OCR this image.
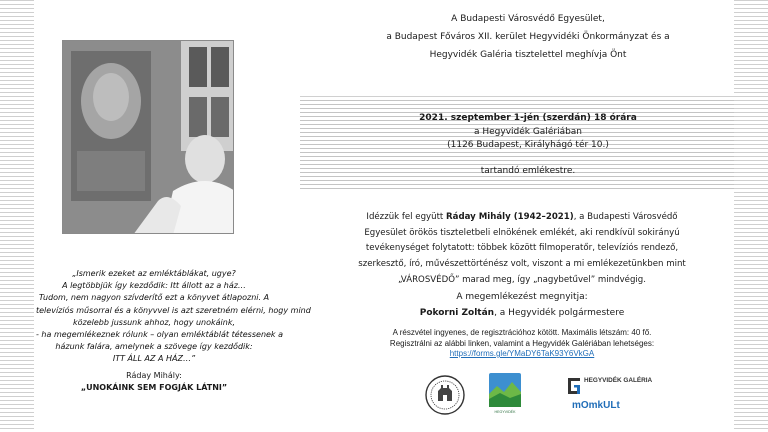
„Ismerik ezeket az emléktáblákat, ugye?

A legtöbbjük így kezdődik: Itt állott az a ház…

Tudom, nem nagyon szívderítő ezt a könyvet átlapozni. A

televíziós műsorral és a könyvvel is azt szeretném elérni, hogy mind

közelebb jussunk ahhoz, hogy unokáink,

- ha megemlékeznek rólunk – olyan emléktáblát tétessenek a

házunk falára, amelynek a szövege így kezdődik:

ITT ÁLL AZ A HÁZ…”

Ráday Mihály:
„UNOKÁINK SEM FOGJÁK LÁTNI”
A Budapesti Városvédő Egyesület,
a Budapest Főváros XII. kerület Hegyvidéki Önkormányzat és a
Hegyvidék Galéria tisztelettel meghívja Önt
2021. szeptember 1-jén (szerdán) 18 órára
a Hegyvidék Galériában
(1126 Budapest, Királyhágó tér 10.)
tartandó emlékestre.

Idézzük fel együtt Ráday Mihály (1942–2021), a Budapesti Városvédő

Egyesület örökös tiszteletbeli elnökének emlékét, aki rendkívül sokirányú

tevékenységet folytatott: többek között filmoperatőr, televíziós rendező,

szerkesztő, író, művészettörténész volt, viszont a mi emlékezetünkben mint

„VÁROSVÉDŐ” marad meg, így „nagybetűvel” mindvégig.

A megemlékezést megnyitja:
Pokorni Zoltán, a Hegyvidék polgármestere
A részvétel ingyenes, de regisztrációhoz kötött. Maximális létszám: 40 fő.
Regisztrálni az alábbi linken, valamint a Hegyvidék Galériában lehetséges:
https://forms.gle/YMaDY6TaK93Y6VkGA
HEGYVIDÉK
HEGYVIDÉK GALÉRIA
mOmkULt
